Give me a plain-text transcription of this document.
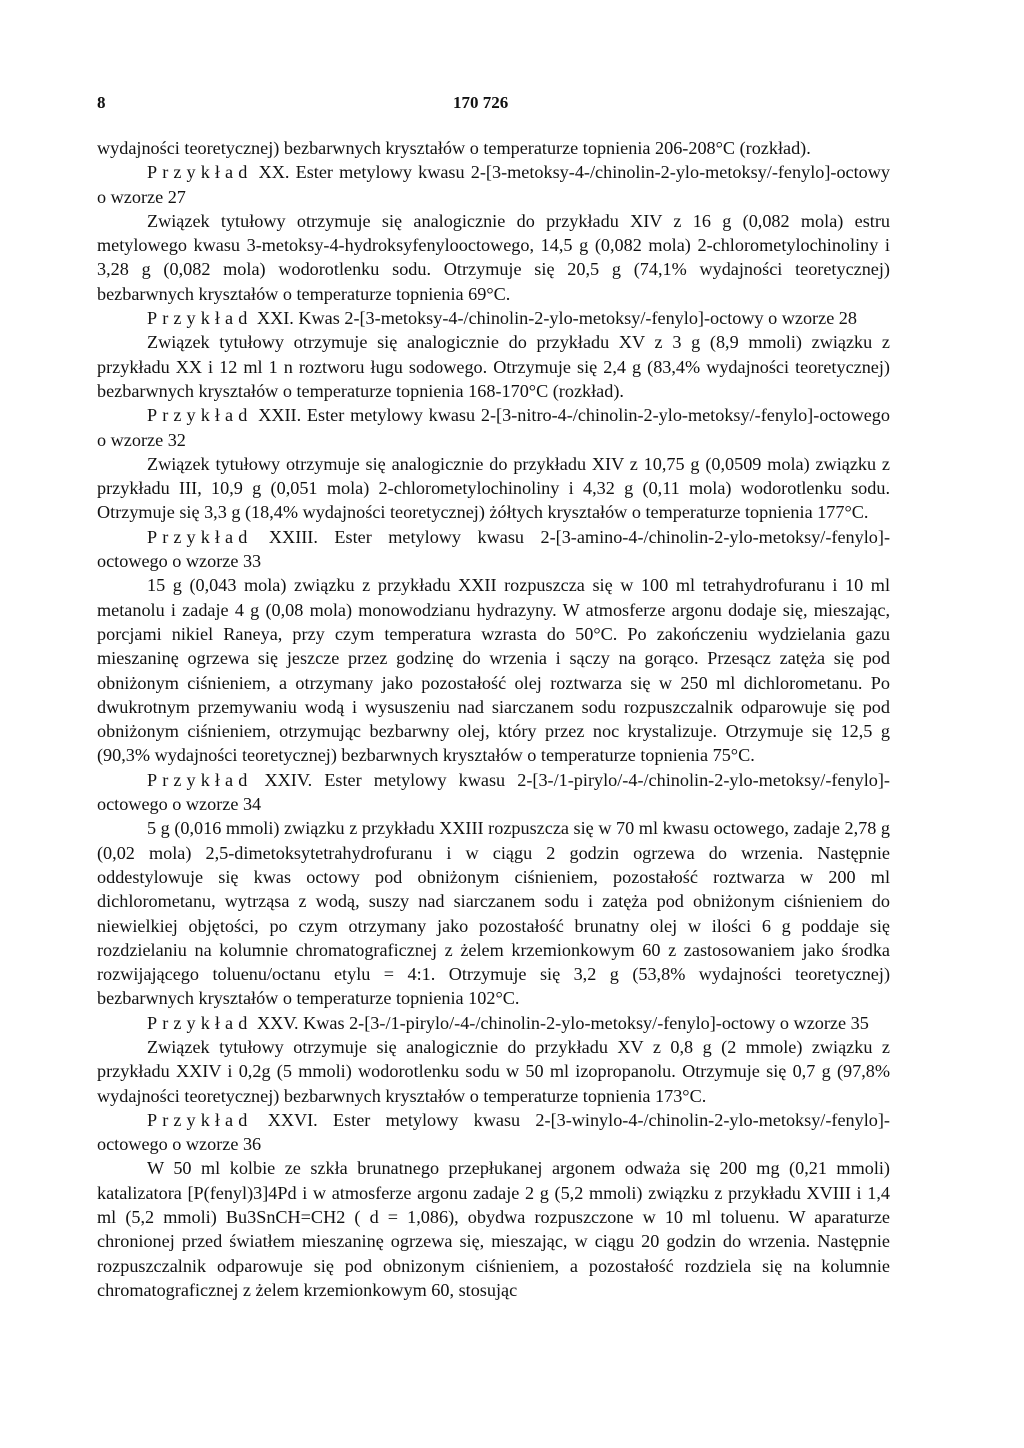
8	170 726

wydajności teoretycznej) bezbarwnych kryształów o temperaturze topnienia 206-208°C (rozkład).

Przykład XX. Ester metylowy kwasu 2-[3-metoksy-4-/chinolin-2-ylo-metoksy/-fenylo]-octowy o wzorze 27

Związek tytułowy otrzymuje się analogicznie do przykładu XIV z 16 g (0,082 mola) estru metylowego kwasu 3-metoksy-4-hydroksyfenylooctowego, 14,5 g (0,082 mola) 2-chlorometylochinoliny i 3,28 g (0,082 mola) wodorotlenku sodu. Otrzymuje się 20,5 g (74,1% wydajności teoretycznej) bezbarwnych kryształów o temperaturze topnienia 69°C.

Przykład XXI. Kwas 2-[3-metoksy-4-/chinolin-2-ylo-metoksy/-fenylo]-octowy o wzorze 28

Związek tytułowy otrzymuje się analogicznie do przykładu XV z 3 g (8,9 mmoli) związku z przykładu XX i 12 ml 1 n roztworu ługu sodowego. Otrzymuje się 2,4 g (83,4% wydajności teoretycznej) bezbarwnych kryształów o temperaturze topnienia 168-170°C (rozkład).

Przykład XXII. Ester metylowy kwasu 2-[3-nitro-4-/chinolin-2-ylo-metoksy/-fenylo]-octowego o wzorze 32

Związek tytułowy otrzymuje się analogicznie do przykładu XIV z 10,75 g (0,0509 mola) związku z przykładu III, 10,9 g (0,051 mola) 2-chlorometylochinoliny i 4,32 g (0,11 mola) wodorotlenku sodu. Otrzymuje się 3,3 g (18,4% wydajności teoretycznej) żółtych kryształów o temperaturze topnienia 177°C.

Przykład XXIII. Ester metylowy kwasu 2-[3-amino-4-/chinolin-2-ylo-metoksy/-fenylo]-octowego o wzorze 33

15 g (0,043 mola) związku z przykładu XXII rozpuszcza się w 100 ml tetrahydrofuranu i 10 ml metanolu i zadaje 4 g (0,08 mola) monowodzianu hydrazyny. W atmosferze argonu dodaje się, mieszając, porcjami nikiel Raneya, przy czym temperatura wzrasta do 50°C. Po zakończeniu wydzielania gazu mieszaninę ogrzewa się jeszcze przez godzinę do wrzenia i sączy na gorąco. Przesącz zatęża się pod obniżonym ciśnieniem, a otrzymany jako pozostałość olej roztwarza się w 250 ml dichlorometanu. Po dwukrotnym przemywaniu wodą i wysuszeniu nad siarczanem sodu rozpuszczalnik odparowuje się pod obniżonym ciśnieniem, otrzymując bezbarwny olej, który przez noc krystalizuje. Otrzymuje się 12,5 g (90,3% wydajności teoretycznej) bezbarwnych kryształów o temperaturze topnienia 75°C.

Przykład XXIV. Ester metylowy kwasu 2-[3-/1-pirylo/-4-/chinolin-2-ylo-metoksy/-fenylo]-octowego o wzorze 34

5 g (0,016 mmoli) związku z przykładu XXIII rozpuszcza się w 70 ml kwasu octowego, zadaje 2,78 g (0,02 mola) 2,5-dimetoksytetrahydrofuranu i w ciągu 2 godzin ogrzewa do wrzenia. Następnie oddestylowuje się kwas octowy pod obniżonym ciśnieniem, pozostałość roztwarza w 200 ml dichlorometanu, wytrząsa z wodą, suszy nad siarczanem sodu i zatęża pod obniżonym ciśnieniem do niewielkiej objętości, po czym otrzymany jako pozostałość brunatny olej w ilości 6 g poddaje się rozdzielaniu na kolumnie chromatograficznej z żelem krzemionkowym 60 z zastosowaniem jako środka rozwijającego toluenu/octanu etylu = 4:1. Otrzymuje się 3,2 g (53,8% wydajności teoretycznej) bezbarwnych kryształów o temperaturze topnienia 102°C.

Przykład XXV. Kwas 2-[3-/1-pirylo/-4-/chinolin-2-ylo-metoksy/-fenylo]-octowy o wzorze 35

Związek tytułowy otrzymuje się analogicznie do przykładu XV z 0,8 g (2 mmole) związku z przykładu XXIV i 0,2g (5 mmoli) wodorotlenku sodu w 50 ml izopropanolu. Otrzymuje się 0,7 g (97,8% wydajności teoretycznej) bezbarwnych kryształów o temperaturze topnienia 173°C.

Przykład XXVI. Ester metylowy kwasu 2-[3-winylo-4-/chinolin-2-ylo-metoksy/-fenylo]-octowego o wzorze 36

W 50 ml kolbie ze szkła brunatnego przepłukanej argonem odważa się 200 mg (0,21 mmoli) katalizatora [P(fenyl)3]4Pd i w atmosferze argonu zadaje 2 g (5,2 mmoli) związku z przykładu XVIII i 1,4 ml (5,2 mmoli) Bu3SnCH=CH2 ( d = 1,086), obydwa rozpuszczone w 10 ml toluenu. W aparaturze chronionej przed światłem mieszaninę ogrzewa się, mieszając, w ciągu 20 godzin do wrzenia. Następnie rozpuszczalnik odparowuje się pod obnizonym ciśnieniem, a pozostałość rozdziela się na kolumnie chromatograficznej z żelem krzemionkowym 60, stosując
